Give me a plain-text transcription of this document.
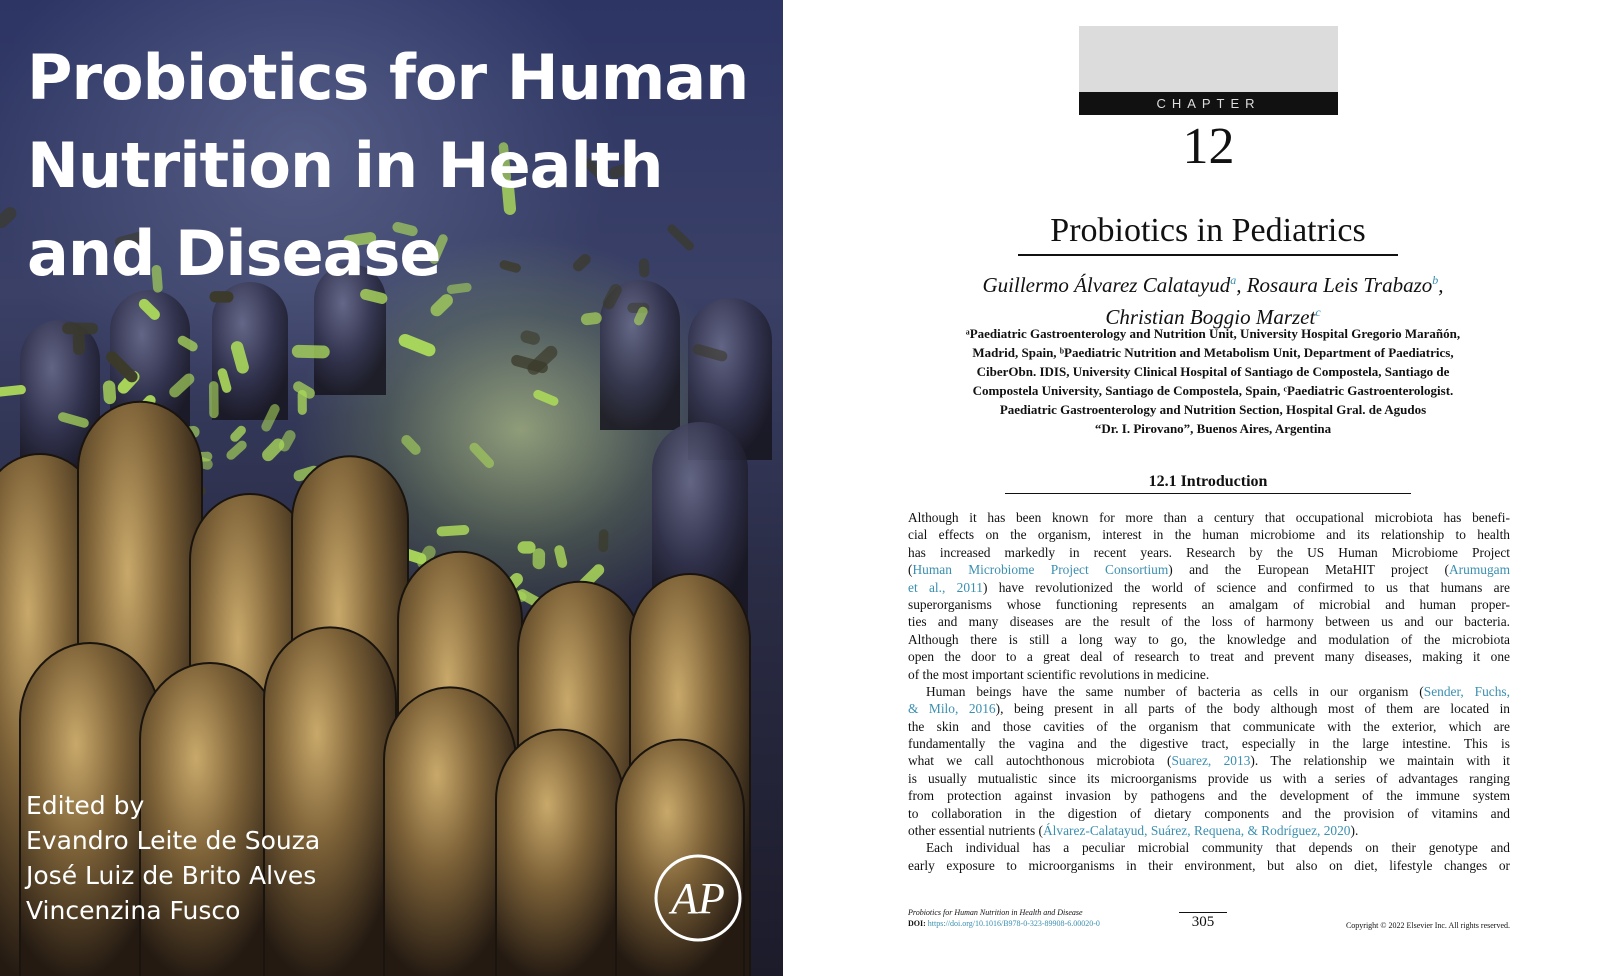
Probiotics for Human
Nutrition in Health
and Disease
Edited by
Evandro Leite de Souza
José Luiz de Brito Alves
Vincenzina Fusco	AP
CHAPTER
12
Probiotics in Pediatrics
Guillermo Álvarez Calatayud$^a$, Rosaura Leis Trabazo$^b$,
Christian Boggio Marzet$^c$
ᵃPaediatric Gastroenterology and Nutrition Unit, University Hospital Gregorio Marañón,
Madrid, Spain, ᵇPaediatric Nutrition and Metabolism Unit, Department of Paediatrics,
CiberObn. IDIS, University Clinical Hospital of Santiago de Compostela, Santiago de
Compostela University, Santiago de Compostela, Spain, ᶜPaediatric Gastroenterologist.
Paediatric Gastroenterology and Nutrition Section, Hospital Gral. de Agudos
“Dr. I. Pirovano”, Buenos Aires, Argentina
12.1 Introduction
Although it has been known for more than a century that occupational microbiota has benefi-
cial effects on the organism, interest in the human microbiome and its relationship to health
has increased markedly in recent years. Research by the US Human Microbiome Project
(Human Microbiome Project Consortium) and the European MetaHIT project (Arumugam
et al., 2011) have revolutionized the world of science and confirmed to us that humans are
superorganisms whose functioning represents an amalgam of microbial and human proper-
ties and many diseases are the result of the loss of harmony between us and our bacteria.
Although there is still a long way to go, the knowledge and modulation of the microbiota
open the door to a great deal of research to treat and prevent many diseases, making it one
of the most important scientific revolutions in medicine.
Human beings have the same number of bacteria as cells in our organism (Sender, Fuchs,
& Milo, 2016), being present in all parts of the body although most of them are located in
the skin and those cavities of the organism that communicate with the exterior, which are
fundamentally the vagina and the digestive tract, especially in the large intestine. This is
what we call autochthonous microbiota (Suarez, 2013). The relationship we maintain with it
is usually mutualistic since its microorganisms provide us with a series of advantages ranging
from protection against invasion by pathogens and the development of the immune system
to collaboration in the digestion of dietary components and the provision of vitamins and
other essential nutrients (Álvarez-Calatayud, Suárez, Requena, & Rodríguez, 2020).
Each individual has a peculiar microbial community that depends on their genotype and
early exposure to microorganisms in their environment, but also on diet, lifestyle changes or
Probiotics for Human Nutrition in Health and Disease
DOI: https://doi.org/10.1016/B978-0-323-89908-6.00020-0	305	Copyright © 2022 Elsevier Inc. All rights reserved.
